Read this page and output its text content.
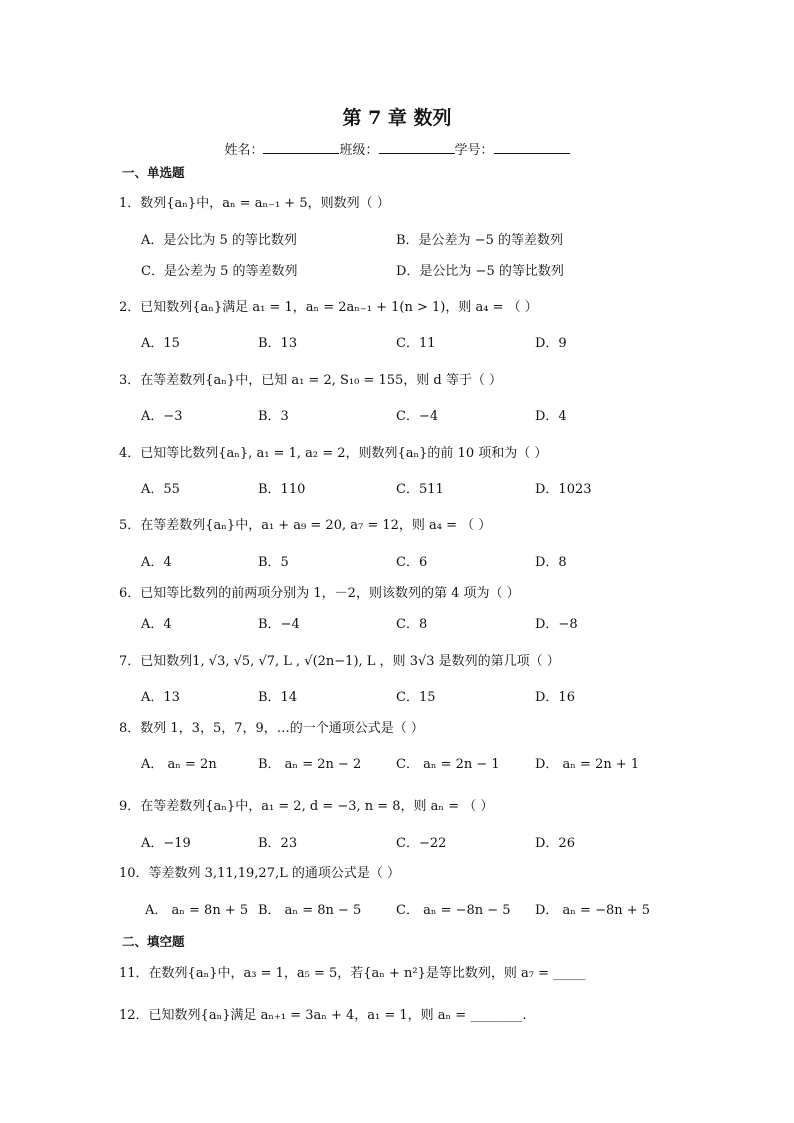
第 7 章 数列
姓名：	班级：	学号：
一、单选题
1．数列{aₙ}中，aₙ = aₙ₋₁ + 5，则数列（ ）
A．是公比为 5 的等比数列	B．是公差为 −5 的等差数列
C．是公差为 5 的等差数列	D．是公比为 −5 的等比数列
2．已知数列{aₙ}满足 a₁ = 1，aₙ = 2aₙ₋₁ + 1(n > 1)，则 a₄ = （ ）
A．15	B．13	C．11	D．9
3．在等差数列{aₙ}中，已知 a₁ = 2, S₁₀ = 155，则 d 等于（ ）
A．−3	B．3	C．−4	D．4
4．已知等比数列{aₙ}, a₁ = 1, a₂ = 2，则数列{aₙ}的前 10 项和为（ ）
A．55	B．110	C．511	D．1023
5．在等差数列{aₙ}中，a₁ + a₉ = 20, a₇ = 12，则 a₄ = （ ）
A．4	B．5	C．6	D．8
6．已知等比数列的前两项分别为 1，－2，则该数列的第 4 项为（ ）
A．4	B．−4	C．8	D．−8
7．已知数列1, √3, √5, √7, L , √(2n−1), L ，则 3√3 是数列的第几项（ ）
A．13	B．14	C．15	D．16
8．数列 1，3，5，7，9，…的一个通项公式是（ ）
A． aₙ = 2n	B． aₙ = 2n − 2	C． aₙ = 2n − 1	D． aₙ = 2n + 1
9．在等差数列{aₙ}中，a₁ = 2, d = −3, n = 8，则 aₙ = （ ）
A．−19	B．23	C．−22	D．26
10．等差数列 3,11,19,27,L 的通项公式是（ ）
A． aₙ = 8n + 5 B． aₙ = 8n − 5	C． aₙ = −8n − 5 D． aₙ = −8n + 5
二、填空题
11．在数列{aₙ}中，a₃ = 1，a₅ = 5，若{aₙ + n²}是等比数列，则 a₇ = _____
12．已知数列{aₙ}满足 aₙ₊₁ = 3aₙ + 4，a₁ = 1，则 aₙ = ________.
